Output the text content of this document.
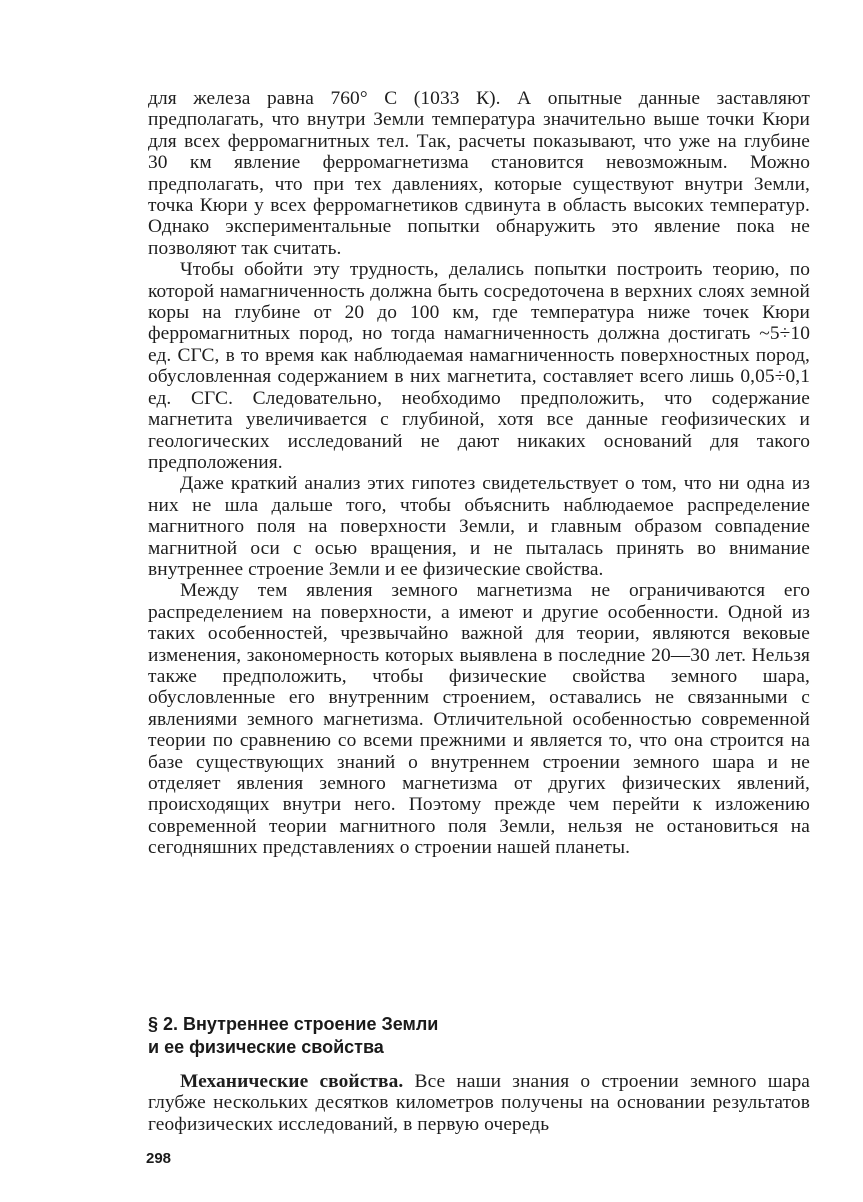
для железа равна 760° С (1033 К). А опытные данные заставляют предполагать, что внутри Земли температура значительно выше точки Кюри для всех ферромагнитных тел. Так, расчеты показывают, что уже на глубине 30 км явление ферромагнетизма становится невозможным. Можно предполагать, что при тех давлениях, которые существуют внутри Земли, точка Кюри у всех ферромагнетиков сдвинута в область высоких температур. Однако экспериментальные попытки обнаружить это явление пока не позволяют так считать.

Чтобы обойти эту трудность, делались попытки построить теорию, по которой намагниченность должна быть сосредоточена в верхних слоях земной коры на глубине от 20 до 100 км, где температура ниже точек Кюри ферромагнитных пород, но тогда намагниченность должна достигать ~5÷10 ед. СГС, в то время как наблюдаемая намагниченность поверхностных пород, обусловленная содержанием в них магнетита, составляет всего лишь 0,05÷0,1 ед. СГС. Следовательно, необходимо предположить, что содержание магнетита увеличивается с глубиной, хотя все данные геофизических и геологических исследований не дают никаких оснований для такого предположения.

Даже краткий анализ этих гипотез свидетельствует о том, что ни одна из них не шла дальше того, чтобы объяснить наблюдаемое распределение магнитного поля на поверхности Земли, и главным образом совпадение магнитной оси с осью вращения, и не пыталась принять во внимание внутреннее строение Земли и ее физические свойства.

Между тем явления земного магнетизма не ограничиваются его распределением на поверхности, а имеют и другие особенности. Одной из таких особенностей, чрезвычайно важной для теории, являются вековые изменения, закономерность которых выявлена в последние 20—30 лет. Нельзя также предположить, чтобы физические свойства земного шара, обусловленные его внутренним строением, оставались не связанными с явлениями земного магнетизма. Отличительной особенностью современной теории по сравнению со всеми прежними и является то, что она строится на базе существующих знаний о внутреннем строении земного шара и не отделяет явления земного магнетизма от других физических явлений, происходящих внутри него. Поэтому прежде чем перейти к изложению современной теории магнитного поля Земли, нельзя не остановиться на сегодняшних представлениях о строении нашей планеты.

§ 2. Внутреннее строение Земли
и ее физические свойства

Механические свойства. Все наши знания о строении земного шара глубже нескольких десятков километров получены на основании результатов геофизических исследований, в первую очередь

298
